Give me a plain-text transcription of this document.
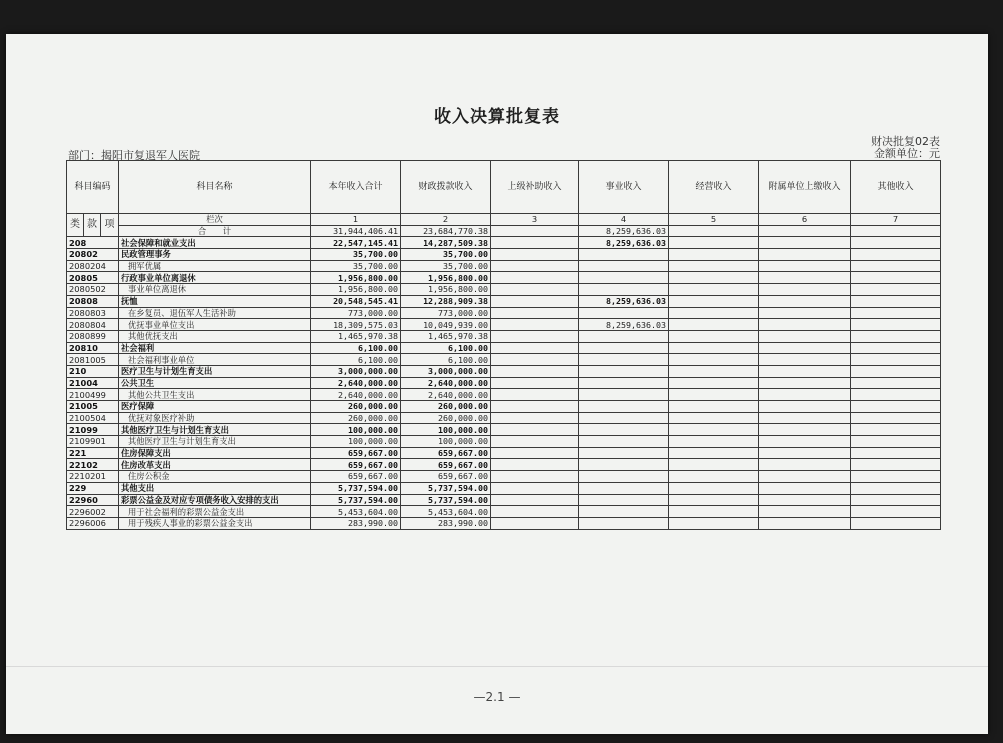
收入决算批复表
财决批复02表
金额单位：元
部门：揭阳市复退军人医院
科目编码			科目名称	本年收入合计	财政拨款收入	上级补助收入	事业收入	经营收入	附属单位上缴收入	其他收入
类	款	项	栏次	1	2	3	4	5	6	7
			合　　计	31,944,406.41	23,684,770.38		8,259,636.03			
208			社会保障和就业支出	22,547,145.41	14,287,509.38		8,259,636.03			
20802			民政管理事务	35,700.00	35,700.00					
2080204			拥军优属	35,700.00	35,700.00					
20805			行政事业单位离退休	1,956,800.00	1,956,800.00					
2080502			事业单位离退休	1,956,800.00	1,956,800.00					
20808			抚恤	20,548,545.41	12,288,909.38		8,259,636.03			
2080803			在乡复员、退伍军人生活补助	773,000.00	773,000.00					
2080804			优抚事业单位支出	18,309,575.03	10,049,939.00		8,259,636.03			
2080899			其他优抚支出	1,465,970.38	1,465,970.38					
20810			社会福利	6,100.00	6,100.00					
2081005			社会福利事业单位	6,100.00	6,100.00					
210			医疗卫生与计划生育支出	3,000,000.00	3,000,000.00					
21004			公共卫生	2,640,000.00	2,640,000.00					
2100499			其他公共卫生支出	2,640,000.00	2,640,000.00					
21005			医疗保障	260,000.00	260,000.00					
2100504			优抚对象医疗补助	260,000.00	260,000.00					
21099			其他医疗卫生与计划生育支出	100,000.00	100,000.00					
2109901			其他医疗卫生与计划生育支出	100,000.00	100,000.00					
221			住房保障支出	659,667.00	659,667.00					
22102			住房改革支出	659,667.00	659,667.00					
2210201			住房公积金	659,667.00	659,667.00					
229			其他支出	5,737,594.00	5,737,594.00					
22960			彩票公益金及对应专项债务收入安排的支出	5,737,594.00	5,737,594.00					
2296002			用于社会福利的彩票公益金支出	5,453,604.00	5,453,604.00					
2296006			用于残疾人事业的彩票公益金支出	283,990.00	283,990.00					
—2.1 —
